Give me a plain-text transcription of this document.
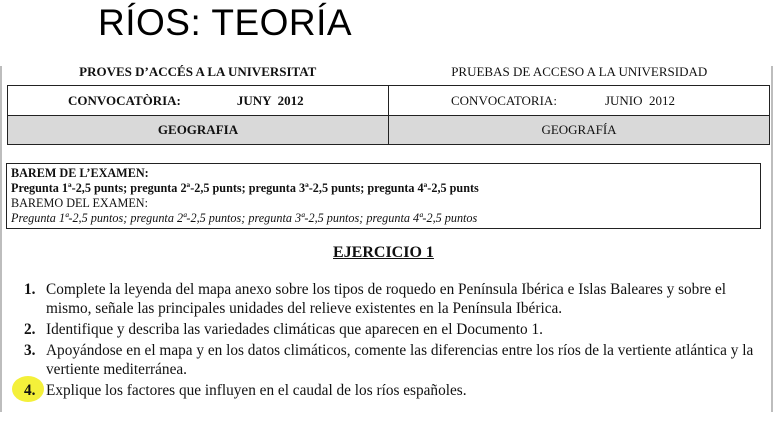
RÍOS: TEORÍA
PROVES D’ACCÉS A LA UNIVERSITAT	PRUEBAS DE ACCESO A LA UNIVERSIDAD
CONVOCATÒRIA:	JUNY  2012	CONVOCATORIA:	JUNIO  2012
GEOGRAFIA	GEOGRAFÍA
BAREM DE L’EXAMEN:
Pregunta 1ª-2,5 punts; pregunta 2ª-2,5 punts; pregunta 3ª-2,5 punts; pregunta 4ª-2,5 punts
BAREMO DEL EXAMEN:
Pregunta 1ª-2,5 puntos; pregunta 2ª-2,5 puntos; pregunta 3ª-2,5 puntos; pregunta 4ª-2,5 puntos
EJERCICIO 1
1. Complete la leyenda del mapa anexo sobre los tipos de roquedo en Península Ibérica e Islas Baleares y sobre el mismo, señale las principales unidades del relieve existentes en la Península Ibérica.
2. Identifique y describa las variedades climáticas que aparecen en el Documento 1.
3. Apoyándose en el mapa y en los datos climáticos, comente las diferencias entre los ríos de la vertiente atlántica y la vertiente mediterránea.
4. Explique los factores que influyen en el caudal de los ríos españoles.
